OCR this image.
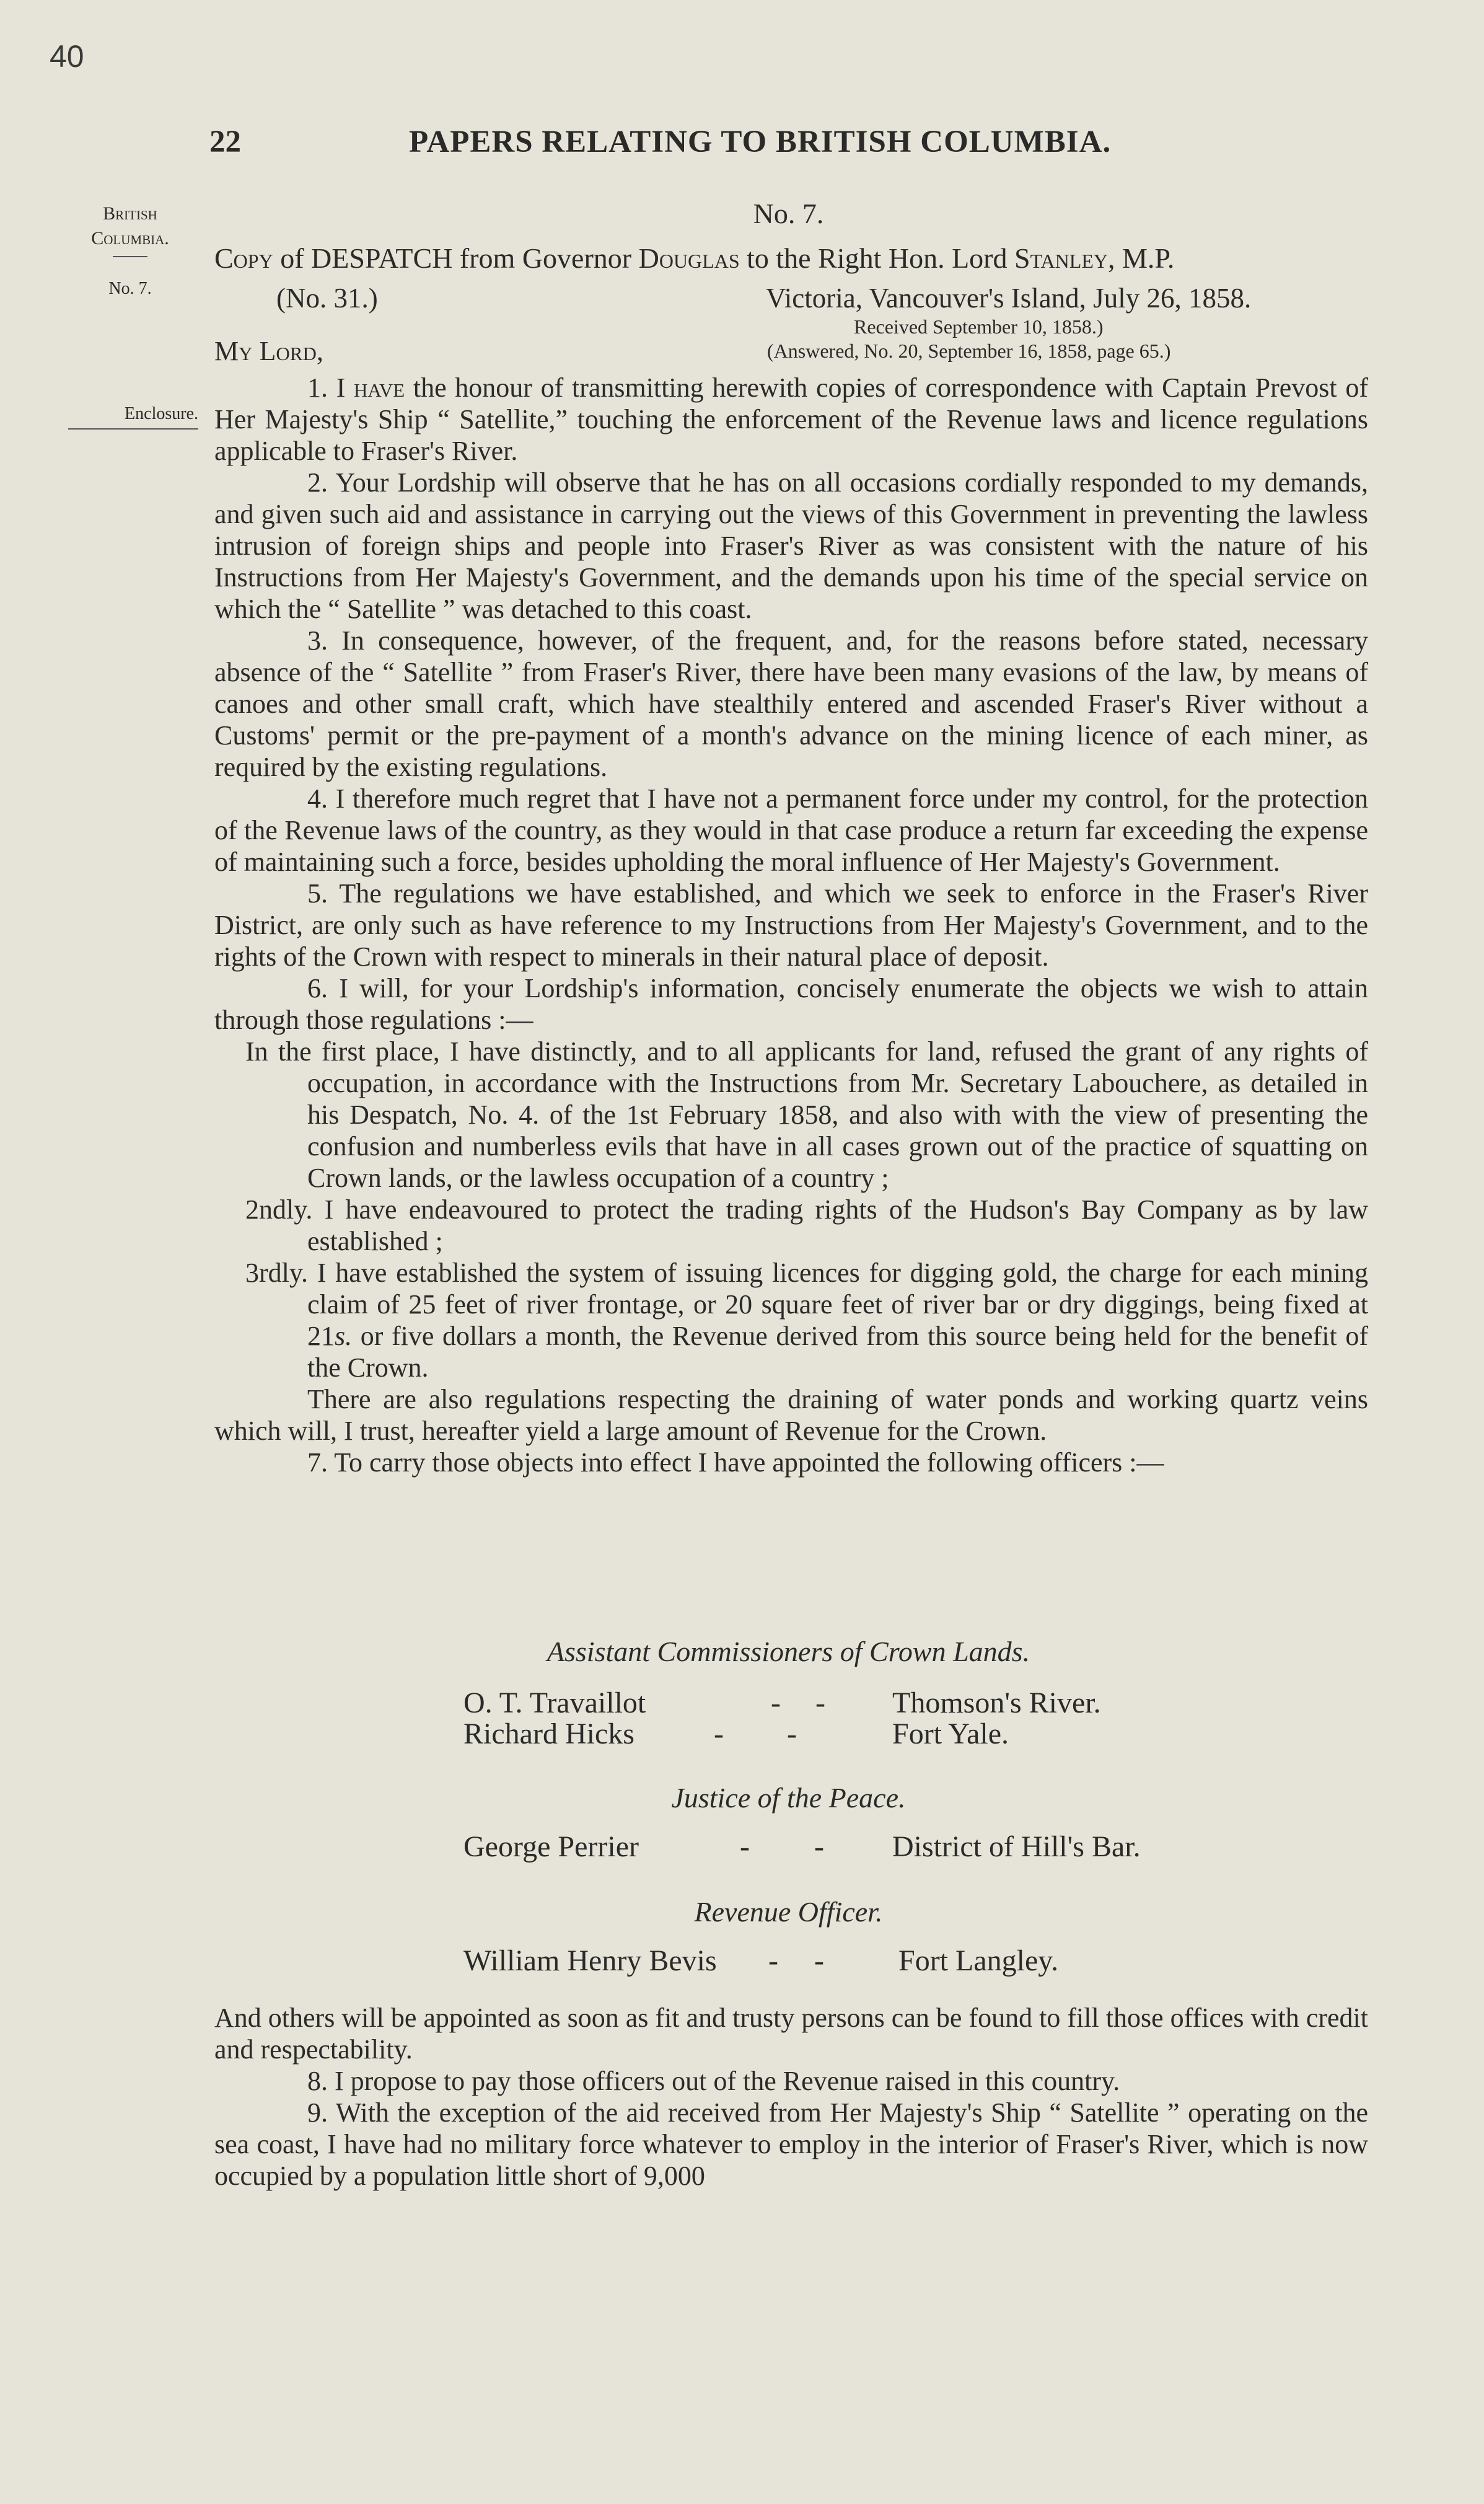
40
22	PAPERS RELATING TO BRITISH COLUMBIA.
British
Columbia.
No. 7.
Enclosure.
No. 7.
Copy of DESPATCH from Governor Douglas to the Right Hon. Lord Stanley, M.P.
(No. 31.)	Victoria, Vancouver's Island, July 26, 1858.
Received September 10, 1858.)
My Lord,	(Answered, No. 20, September 16, 1858, page 65.)

1. I have the honour of transmitting herewith copies of correspondence with Captain Prevost of Her Majesty's Ship “ Satellite,” touching the enforcement of the Revenue laws and licence regulations applicable to Fraser's River.

2. Your Lordship will observe that he has on all occasions cordially responded to my demands, and given such aid and assistance in carrying out the views of this Government in preventing the lawless intrusion of foreign ships and people into Fraser's River as was consistent with the nature of his Instructions from Her Majesty's Government, and the demands upon his time of the special service on which the “ Satellite ” was detached to this coast.

3. In consequence, however, of the frequent, and, for the reasons before stated, necessary absence of the “ Satellite ” from Fraser's River, there have been many evasions of the law, by means of canoes and other small craft, which have stealthily entered and ascended Fraser's River without a Customs' permit or the pre-payment of a month's advance on the mining licence of each miner, as required by the existing regulations.

4. I therefore much regret that I have not a permanent force under my control, for the protection of the Revenue laws of the country, as they would in that case produce a return far exceeding the expense of maintaining such a force, besides upholding the moral influence of Her Majesty's Government.

5. The regulations we have established, and which we seek to enforce in the Fraser's River District, are only such as have reference to my Instructions from Her Majesty's Government, and to the rights of the Crown with respect to minerals in their natural place of deposit.

6. I will, for your Lordship's information, concisely enumerate the objects we wish to attain through those regulations :—

In the first place, I have distinctly, and to all applicants for land, refused the grant of any rights of occupation, in accordance with the Instructions from Mr. Secretary Labouchere, as detailed in his Despatch, No. 4. of the 1st February 1858, and also with with the view of presenting the confusion and numberless evils that have in all cases grown out of the practice of squatting on Crown lands, or the lawless occupation of a country ;

2ndly. I have endeavoured to protect the trading rights of the Hudson's Bay Company as by law established ;

3rdly. I have established the system of issuing licences for digging gold, the charge for each mining claim of 25 feet of river frontage, or 20 square feet of river bar or dry diggings, being fixed at 21s. or five dollars a month, the Revenue derived from this source being held for the benefit of the Crown.

There are also regulations respecting the draining of water ponds and working quartz veins which will, I trust, hereafter yield a large amount of Revenue for the Crown.

7. To carry those objects into effect I have appointed the following officers :—

Assistant Commissioners of Crown Lands.
O. T. Travaillot	- - Thomson's River.
Richard Hicks	- -	Fort Yale.
Justice of the Peace.
George Perrier	- - District of Hill's Bar.
Revenue Officer.
William Henry Bevis - -	Fort Langley.

And others will be appointed as soon as fit and trusty persons can be found to fill those offices with credit and respectability.

8. I propose to pay those officers out of the Revenue raised in this country.

9. With the exception of the aid received from Her Majesty's Ship “ Satellite ” operating on the sea coast, I have had no military force whatever to employ in the interior of Fraser's River, which is now occupied by a population little short of 9,000
